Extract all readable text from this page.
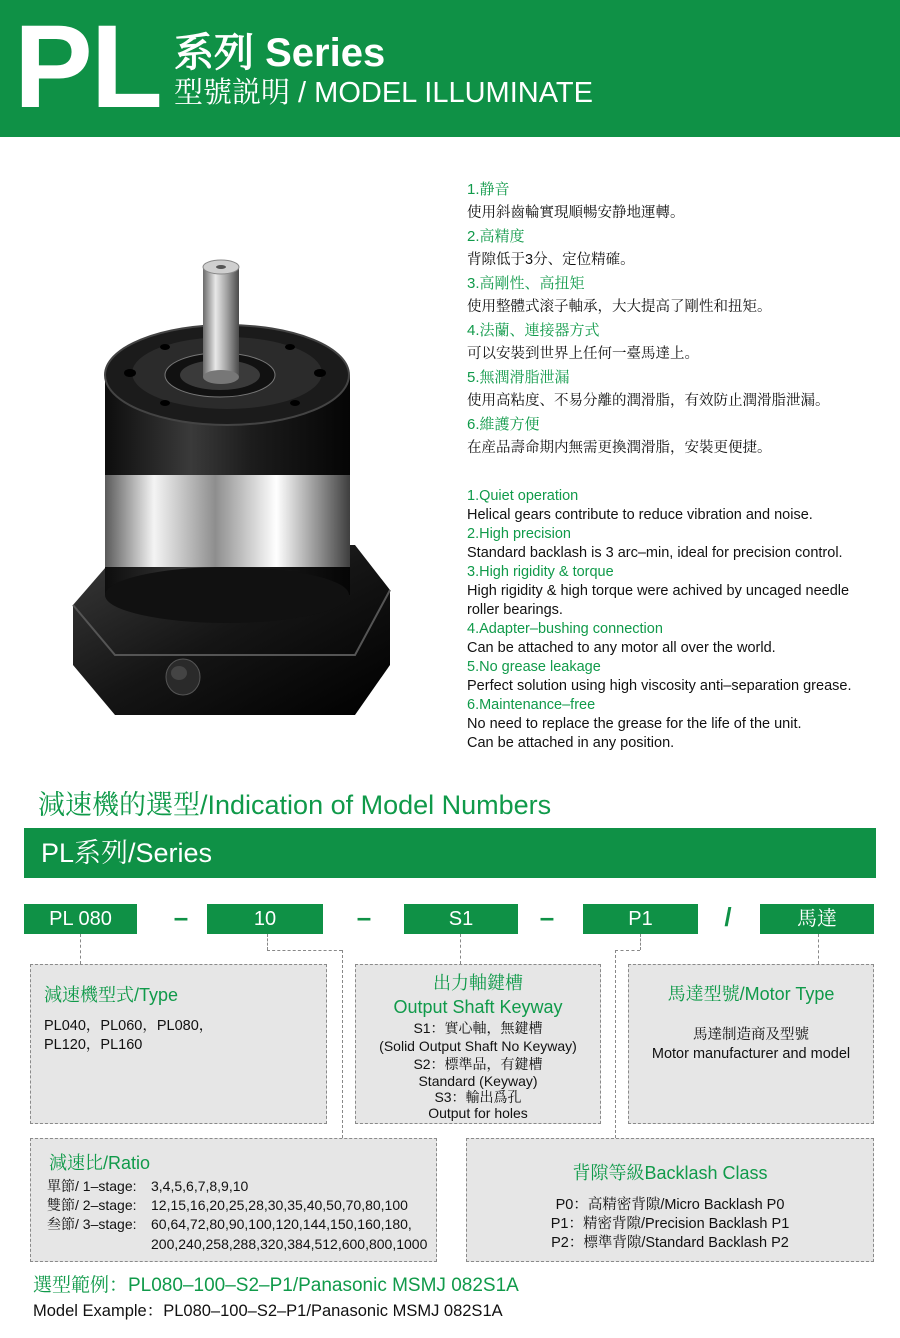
PL 系列 Series
型號説明 / MODEL ILLUMINATE
1.静音
使用斜齒輪實現順暢安静地運轉。
2.高精度
背隙低于3分、定位精確。
3.高剛性、高扭矩
使用整體式滚子軸承，大大提高了剛性和扭矩。
4.法蘭、連接器方式
可以安裝到世界上任何一臺馬達上。
5.無潤滑脂泄漏
使用高粘度、不易分離的潤滑脂，有效防止潤滑脂泄漏。
6.維護方便
在産品壽命期内無需更換潤滑脂，安裝更便捷。
1.Quiet operation
Helical gears contribute to reduce vibration and noise.
2.High precision
Standard backlash is 3 arc–min, ideal for precision control.
3.High rigidity & torque
High rigidity & high torque were achived by uncaged needle
roller bearings.
4.Adapter–bushing connection
Can be attached to any motor all over the world.
5.No grease leakage
Perfect solution using high viscosity anti–separation grease.
6.Maintenance–free
No need to replace the grease for the life of the unit.
Can be attached in any position.
減速機的選型/Indication of Model Numbers
PL系列/Series
PL 080	–	10	–	S1	–	P1	/	馬達
減速機型式/Type
PL040，PL060，PL080，
PL120，PL160
出力軸鍵槽
Output Shaft Keyway
S1：實心軸，無鍵槽
(Solid Output Shaft No Keyway)
S2：標準品，有鍵槽
Standard (Keyway)
S3：輸出爲孔
Output for holes
馬達型號/Motor Type
馬達制造商及型號
Motor manufacturer and model
減速比/Ratio
單節/ 1–stage: 3,4,5,6,7,8,9,10
雙節/ 2–stage: 12,15,16,20,25,28,30,35,40,50,70,80,100
叁節/ 3–stage: 60,64,72,80,90,100,120,144,150,160,180,
200,240,258,288,320,384,512,600,800,1000
背隙等級Backlash Class
P0：高精密背隙/Micro Backlash P0
P1：精密背隙/Precision Backlash P1
P2：標準背隙/Standard Backlash P2
選型範例：PL080–100–S2–P1/Panasonic MSMJ 082S1A
Model Example：PL080–100–S2–P1/Panasonic MSMJ 082S1A
